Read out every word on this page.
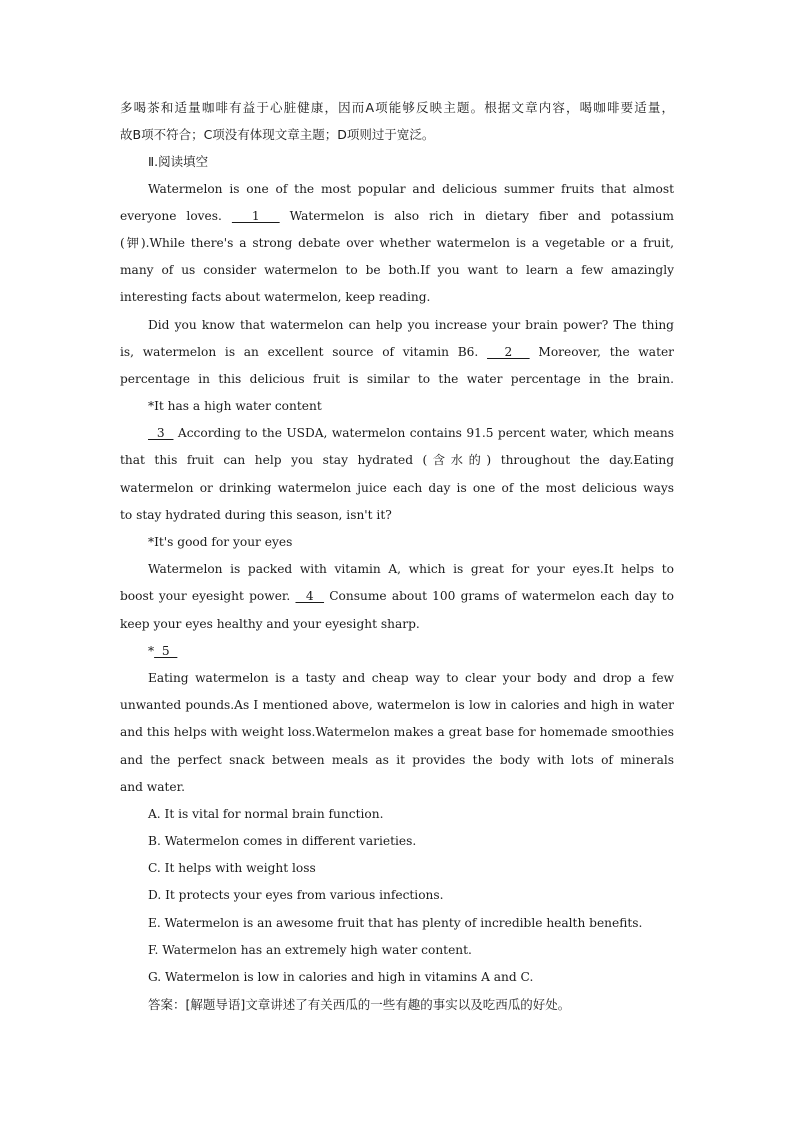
多喝茶和适量咖啡有益于心脏健康，因而A项能够反映主题。根据文章内容，喝咖啡要适量，
故B项不符合；C项没有体现文章主题；D项则过于宽泛。
Ⅱ.阅读填空
Watermelon is one of the most popular and delicious summer fruits that almost
everyone loves.   1   Watermelon is also rich in dietary fiber and potassium
(钾).While there's a strong debate over whether watermelon is a vegetable or a fruit,
many of us consider watermelon to be both.If you want to learn a few amazingly
interesting facts about watermelon, keep reading.
Did you know that watermelon can help you increase your brain power? The thing
is, watermelon is an excellent source of vitamin B6.   2   Moreover, the water
percentage in this delicious fruit is similar to the water percentage in the brain.
*It has a high water content
3   According to the USDA, watermelon contains 91.5 percent water, which means
that this fruit can help you stay hydrated (含水的) throughout the day.Eating
watermelon or drinking watermelon juice each day is one of the most delicious ways
to stay hydrated during this season, isn't it?
*It's good for your eyes
Watermelon is packed with vitamin A, which is great for your eyes.It helps to
boost your eyesight power.   4   Consume about 100 grams of watermelon each day to
keep your eyes healthy and your eyesight sharp.
*  5
Eating watermelon is a tasty and cheap way to clear your body and drop a few
unwanted pounds.As I mentioned above, watermelon is low in calories and high in water
and this helps with weight loss.Watermelon makes a great base for homemade smoothies
and the perfect snack between meals as it provides the body with lots of minerals
and water.
A. It is vital for normal brain function.
B. Watermelon comes in different varieties.
C. It helps with weight loss
D. It protects your eyes from various infections.
E. Watermelon is an awesome fruit that has plenty of incredible health benefits.
F. Watermelon has an extremely high water content.
G. Watermelon is low in calories and high in vitamins A and C.
答案：[解题导语]文章讲述了有关西瓜的一些有趣的事实以及吃西瓜的好处。
